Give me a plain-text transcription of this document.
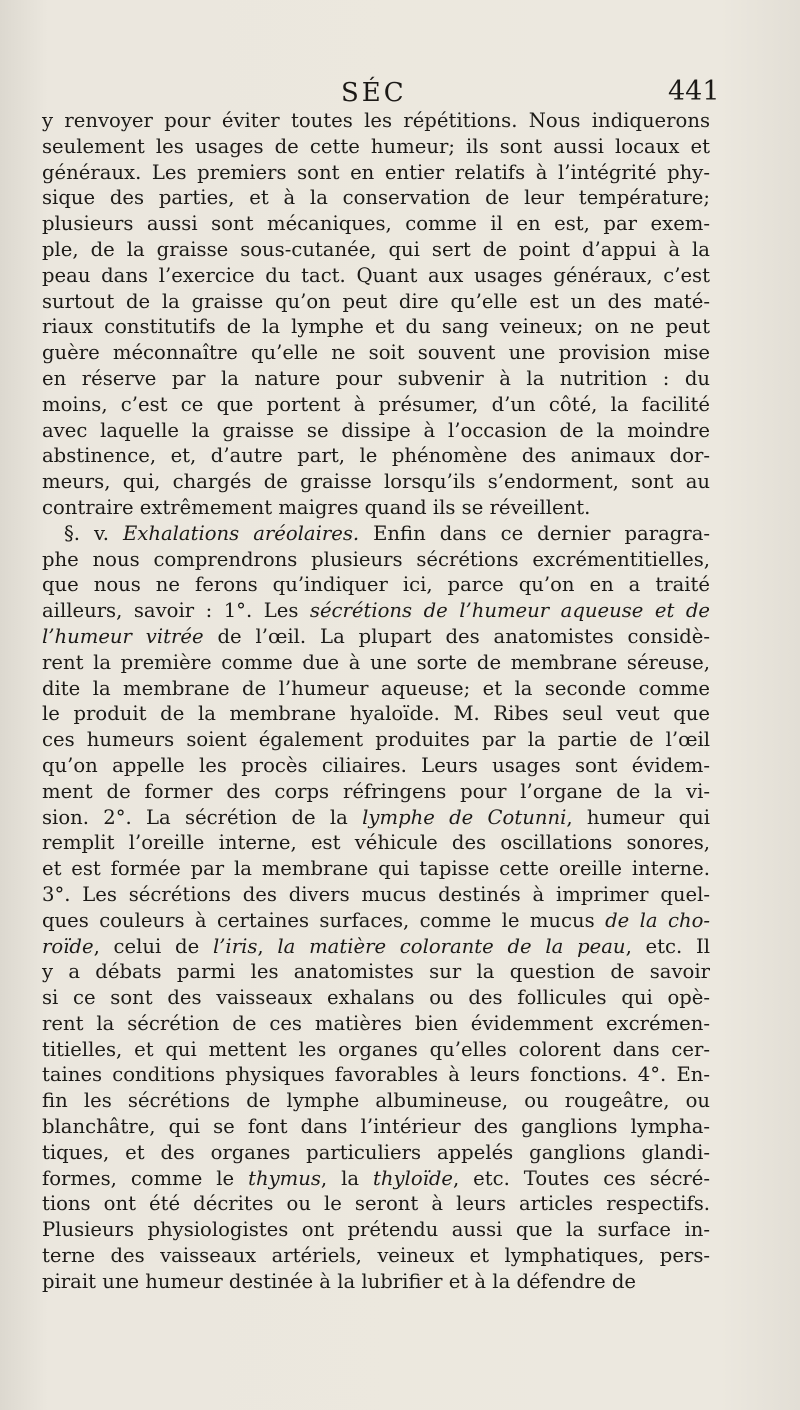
SÉC	441
y renvoyer pour éviter toutes les répétitions. Nous indiquerons
seulement les usages de cette humeur; ils sont aussi locaux et
généraux. Les premiers sont en entier relatifs à l’intégrité phy-
sique des parties, et à la conservation de leur température;
plusieurs aussi sont mécaniques, comme il en est, par exem-
ple, de la graisse sous-cutanée, qui sert de point d’appui à la
peau dans l’exercice du tact. Quant aux usages généraux, c’est
surtout de la graisse qu’on peut dire qu’elle est un des maté-
riaux constitutifs de la lymphe et du sang veineux; on ne peut
guère méconnaître qu’elle ne soit souvent une provision mise
en réserve par la nature pour subvenir à la nutrition : du
moins, c’est ce que portent à présumer, d’un côté, la facilité
avec laquelle la graisse se dissipe à l’occasion de la moindre
abstinence, et, d’autre part, le phénomène des animaux dor-
meurs, qui, chargés de graisse lorsqu’ils s’endorment, sont au
contraire extrêmement maigres quand ils se réveillent.
§. v. Exhalations aréolaires. Enfin dans ce dernier paragra-
phe nous comprendrons plusieurs sécrétions excrémentitielles,
que nous ne ferons qu’indiquer ici, parce qu’on en a traité
ailleurs, savoir : 1°. Les sécrétions de l’humeur aqueuse et de
l’humeur vitrée de l’œil. La plupart des anatomistes considè-
rent la première comme due à une sorte de membrane séreuse,
dite la membrane de l’humeur aqueuse; et la seconde comme
le produit de la membrane hyaloïde. M. Ribes seul veut que
ces humeurs soient également produites par la partie de l’œil
qu’on appelle les procès ciliaires. Leurs usages sont évidem-
ment de former des corps réfringens pour l’organe de la vi-
sion. 2°. La sécrétion de la lymphe de Cotunni, humeur qui
remplit l’oreille interne, est véhicule des oscillations sonores,
et est formée par la membrane qui tapisse cette oreille interne.
3°. Les sécrétions des divers mucus destinés à imprimer quel-
ques couleurs à certaines surfaces, comme le mucus de la cho-
roïde, celui de l’iris, la matière colorante de la peau, etc. Il
y a débats parmi les anatomistes sur la question de savoir
si ce sont des vaisseaux exhalans ou des follicules qui opè-
rent la sécrétion de ces matières bien évidemment excrémen-
titielles, et qui mettent les organes qu’elles colorent dans cer-
taines conditions physiques favorables à leurs fonctions. 4°. En-
fin les sécrétions de lymphe albumineuse, ou rougeâtre, ou
blanchâtre, qui se font dans l’intérieur des ganglions lympha-
tiques, et des organes particuliers appelés ganglions glandi-
formes, comme le thymus, la thyloïde, etc. Toutes ces sécré-
tions ont été décrites ou le seront à leurs articles respectifs.
Plusieurs physiologistes ont prétendu aussi que la surface in-
terne des vaisseaux artériels, veineux et lymphatiques, pers-
pirait une humeur destinée à la lubrifier et à la défendre de
